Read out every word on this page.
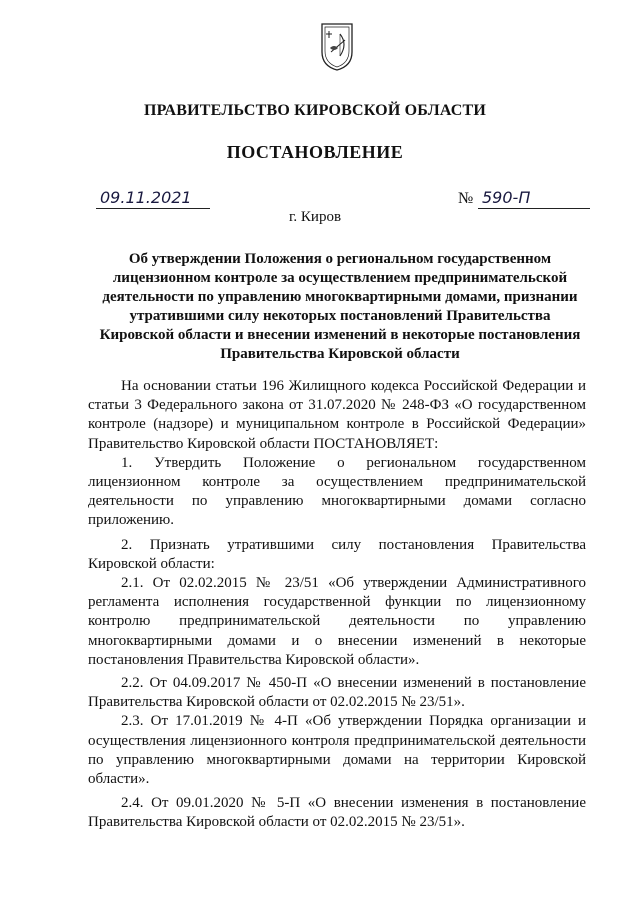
ПРАВИТЕЛЬСТВО КИРОВСКОЙ ОБЛАСТИ
ПОСТАНОВЛЕНИЕ
09.11.2021	№ 590-П
г. Киров
Об утверждении Положения о региональном государственном
лицензионном контроле за осуществлением предпринимательской
деятельности по управлению многоквартирными домами, признании
утратившими силу некоторых постановлений Правительства
Кировской области и внесении изменений в некоторые постановления
Правительства Кировской области

На основании статьи 196 Жилищного кодекса Российской Федерации и статьи 3 Федерального закона от 31.07.2020 № 248-ФЗ «О государственном контроле (надзоре) и муниципальном контроле в Российской Федерации» Правительство Кировской области ПОСТАНОВЛЯЕТ:

1. Утвердить Положение о региональном государственном лицензионном контроле за осуществлением предпринимательской деятельности по управлению многоквартирными домами согласно приложению.

2. Признать утратившими силу постановления Правительства Кировской области:

2.1. От 02.02.2015 № 23/51 «Об утверждении Административного регламента исполнения государственной функции по лицензионному контролю предпринимательской деятельности по управлению многоквартирными домами и о внесении изменений в некоторые постановления Правительства Кировской области».

2.2. От 04.09.2017 № 450-П «О внесении изменений в постановление Правительства Кировской области от 02.02.2015 № 23/51».

2.3. От 17.01.2019 № 4-П «Об утверждении Порядка организации и осуществления лицензионного контроля предпринимательской деятельности по управлению многоквартирными домами на территории Кировской области».

2.4. От 09.01.2020 № 5-П «О внесении изменения в постановление Правительства Кировской области от 02.02.2015 № 23/51».
